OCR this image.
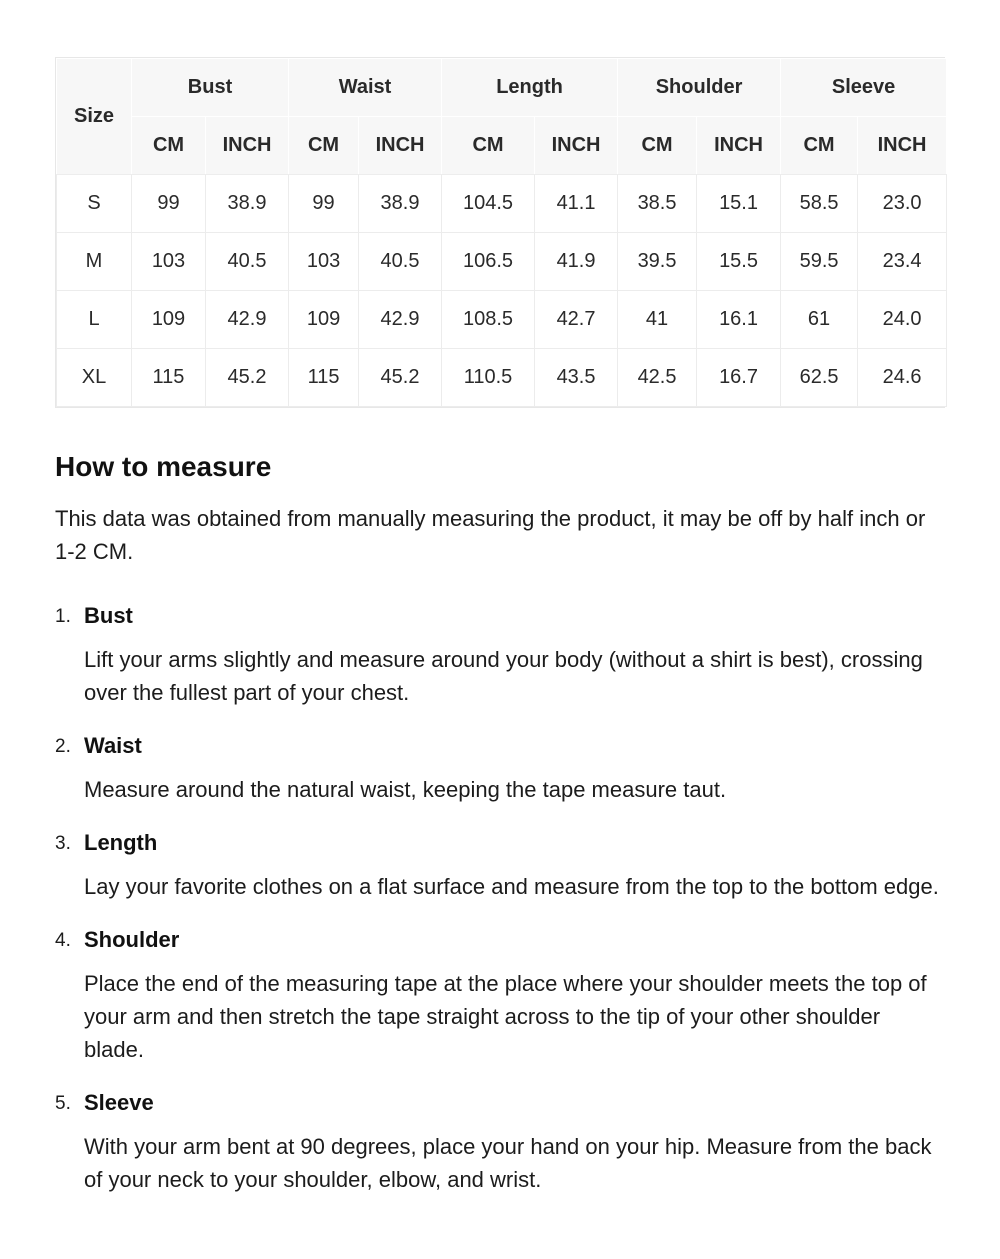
Size	Bust		Waist		Length		Shoulder		Sleeve	
	CM	INCH	CM	INCH	CM	INCH	CM	INCH	CM	INCH
S	99	38.9	99	38.9	104.5	41.1	38.5	15.1	58.5	23.0
M	103	40.5	103	40.5	106.5	41.9	39.5	15.5	59.5	23.4
L	109	42.9	109	42.9	108.5	42.7	41	16.1	61	24.0
XL	115	45.2	115	45.2	110.5	43.5	42.5	16.7	62.5	24.6
How to measure

This data was obtained from manually measuring the product, it may be off by half inch or 1-2 CM.

1. Bust

Lift your arms slightly and measure around your body (without a shirt is best), crossing over the fullest part of your chest.

2. Waist

Measure around the natural waist, keeping the tape measure taut.

3. Length

Lay your favorite clothes on a flat surface and measure from the top to the bottom edge.

4. Shoulder

Place the end of the measuring tape at the place where your shoulder meets the top of your arm and then stretch the tape straight across to the tip of your other shoulder blade.

5. Sleeve

With your arm bent at 90 degrees, place your hand on your hip. Measure from the back of your neck to your shoulder, elbow, and wrist.
